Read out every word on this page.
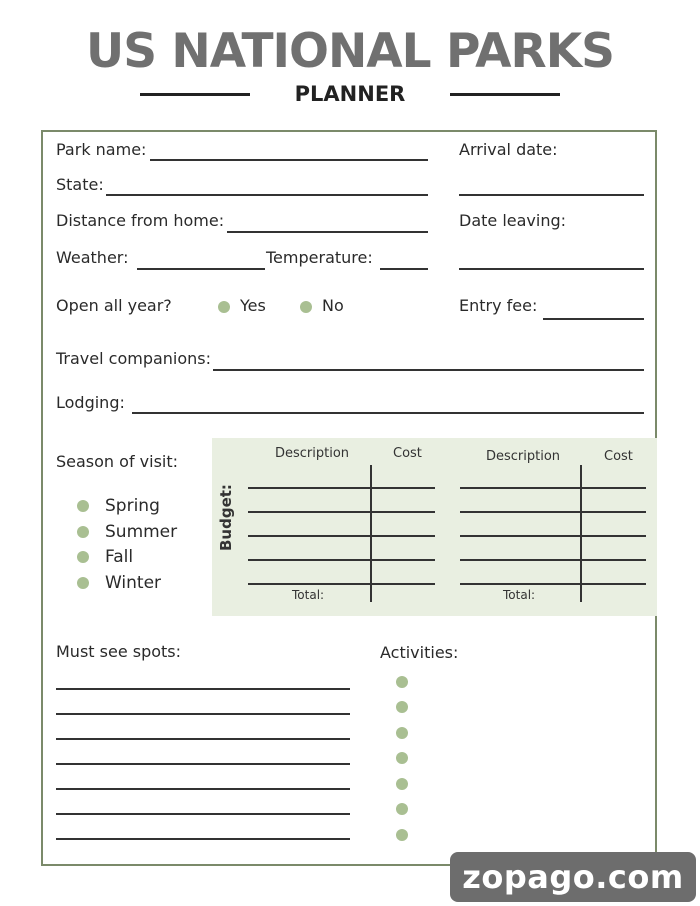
US NATIONAL PARKS
PLANNER
Park name:	Arrival date:
State:
Distance from home:	Date leaving:
Weather:	Temperature:
Open all year?	Yes	No	Entry fee:
Travel companions:
Lodging:
Season of visit:
Spring
Summer
Fall
Winter
Budget:
Description	Cost
Total:
Description	Cost
Total:
Must see spots:	Activities:
zopago.com
